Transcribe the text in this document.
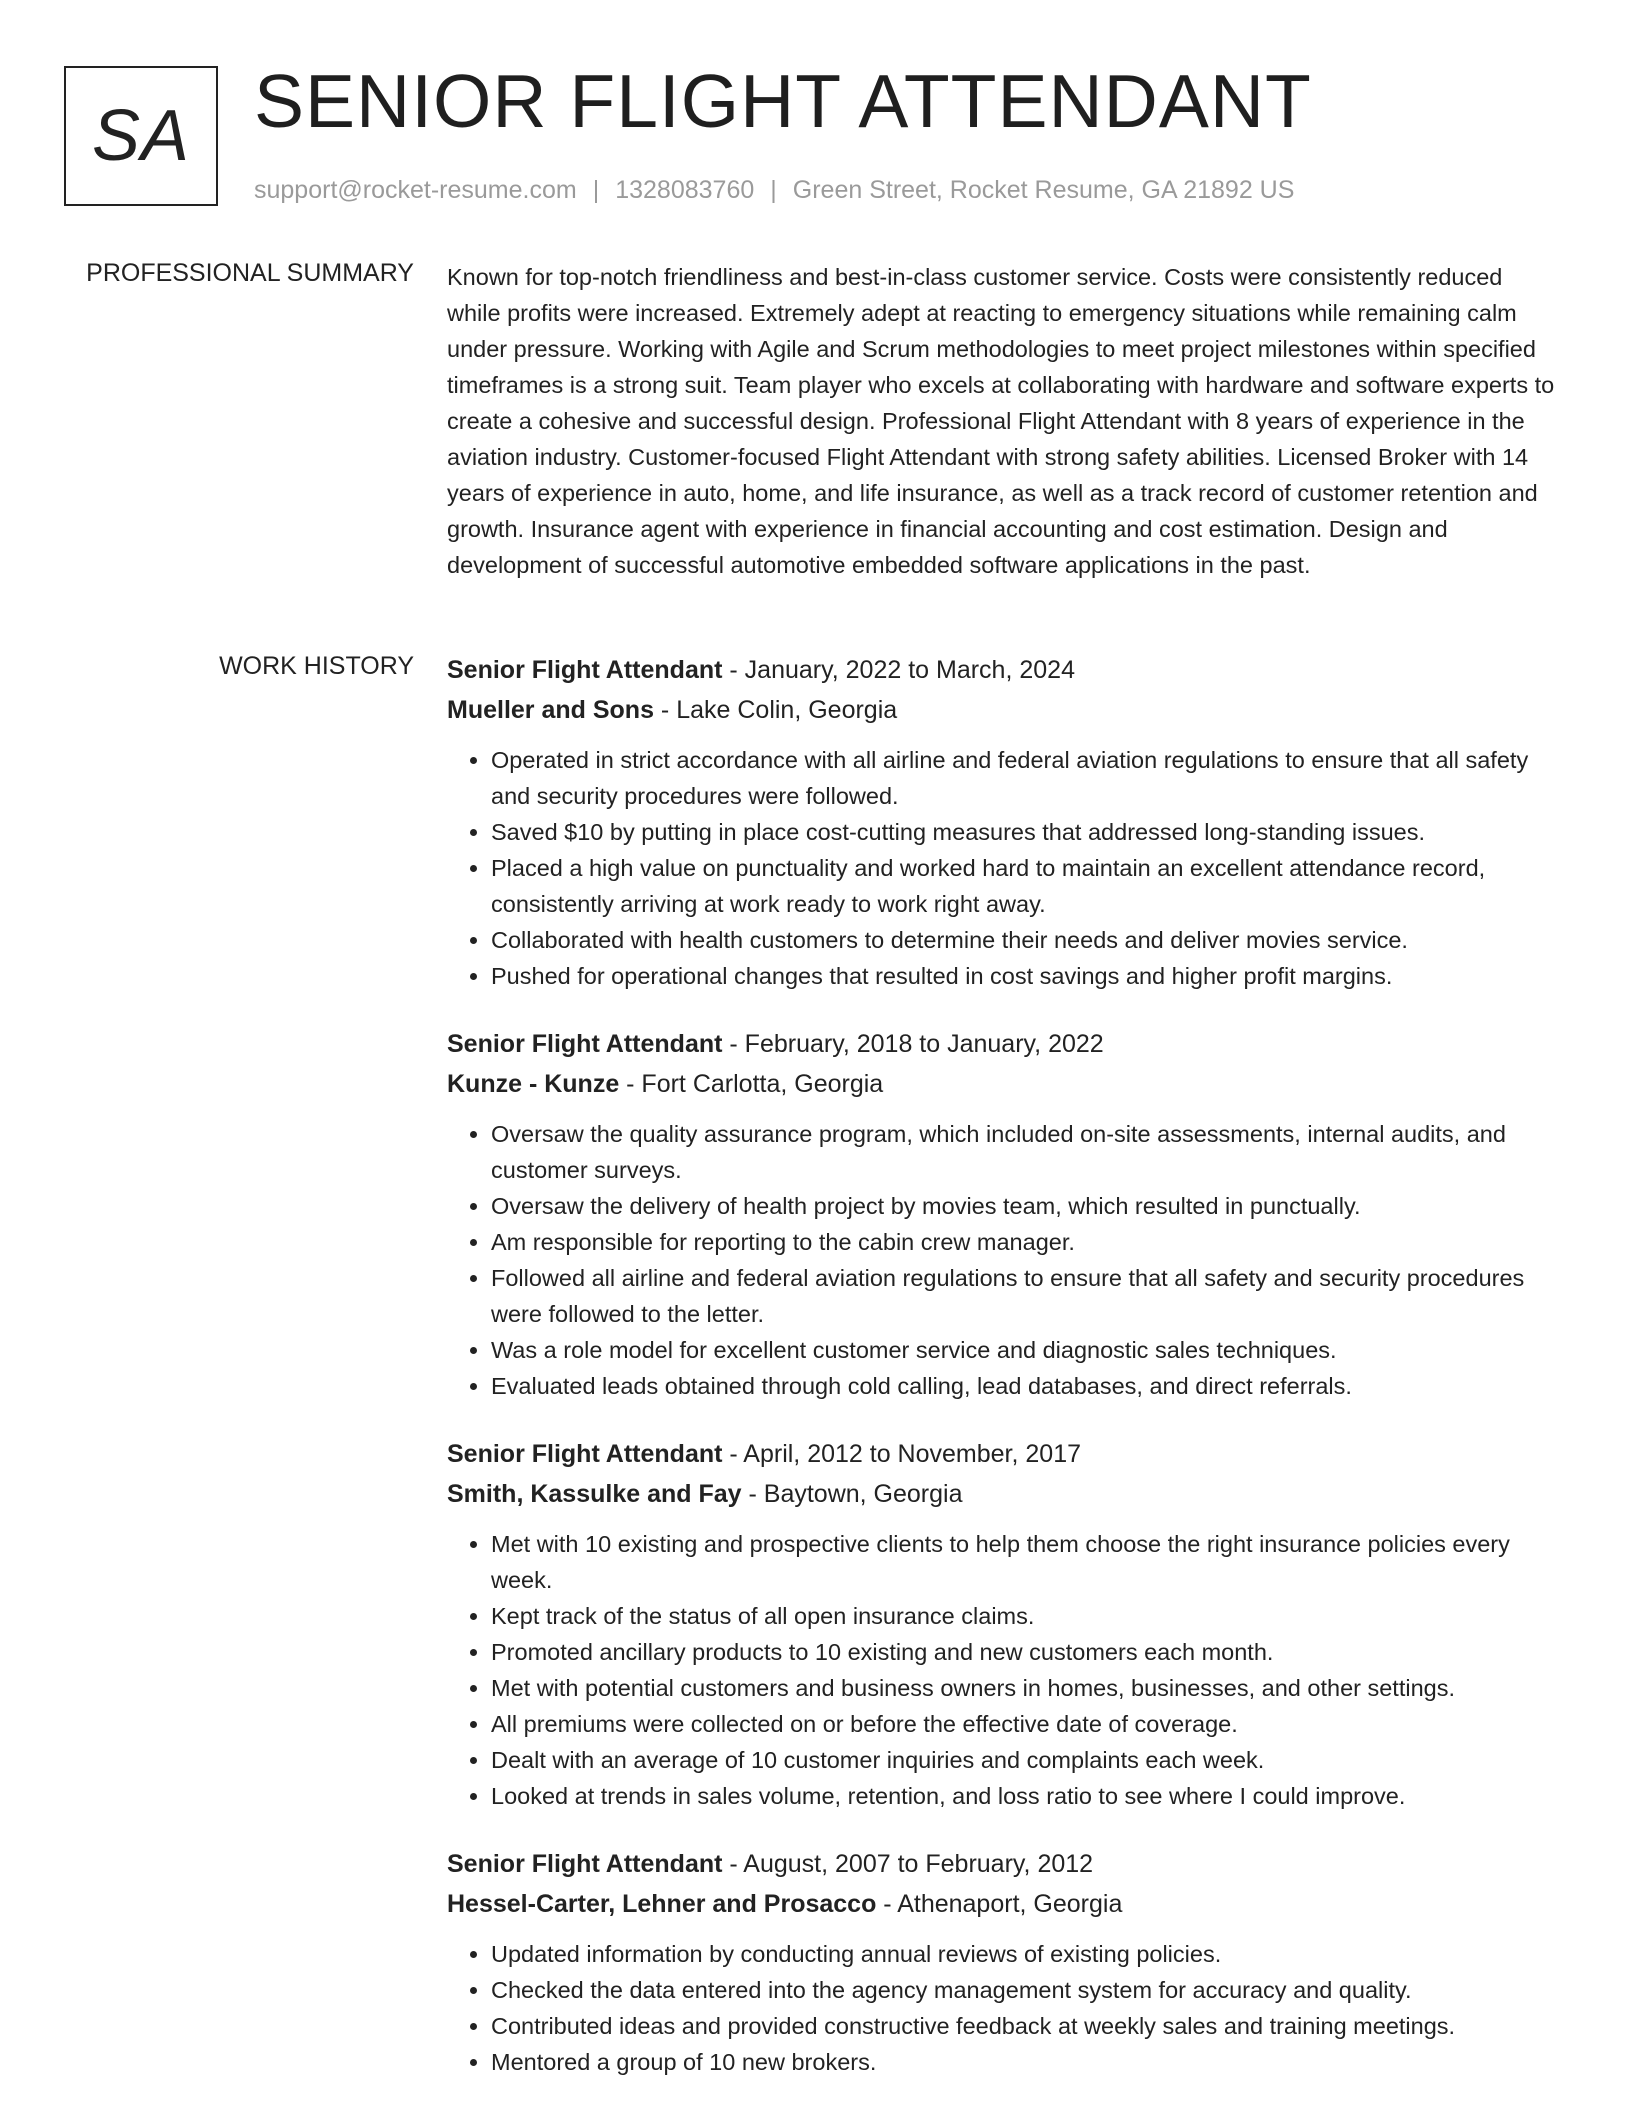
SA SENIOR FLIGHT ATTENDANT
support@rocket-resume.com | 1328083760 | Green Street, Rocket Resume, GA 21892 US
PROFESSIONAL SUMMARY Known for top-notch friendliness and best-in-class customer service. Costs were consistently reduced while profits were increased. Extremely adept at reacting to emergency situations while remaining calm under pressure. Working with Agile and Scrum methodologies to meet project milestones within specified timeframes is a strong suit. Team player who excels at collaborating with hardware and software experts to create a cohesive and successful design. Professional Flight Attendant with 8 years of experience in the aviation industry. Customer-focused Flight Attendant with strong safety abilities. Licensed Broker with 14 years of experience in auto, home, and life insurance, as well as a track record of customer retention and growth. Insurance agent with experience in financial accounting and cost estimation. Design and development of successful automotive embedded software applications in the past.
WORK HISTORY Senior Flight Attendant - January, 2022 to March, 2024
Mueller and Sons - Lake Colin, Georgia
• Operated in strict accordance with all airline and federal aviation regulations to ensure that all safety and security procedures were followed.
• Saved $10 by putting in place cost-cutting measures that addressed long-standing issues.
• Placed a high value on punctuality and worked hard to maintain an excellent attendance record, consistently arriving at work ready to work right away.
• Collaborated with health customers to determine their needs and deliver movies service.
• Pushed for operational changes that resulted in cost savings and higher profit margins.
Senior Flight Attendant - February, 2018 to January, 2022
Kunze - Kunze - Fort Carlotta, Georgia
• Oversaw the quality assurance program, which included on-site assessments, internal audits, and customer surveys.
• Oversaw the delivery of health project by movies team, which resulted in punctually.
• Am responsible for reporting to the cabin crew manager.
• Followed all airline and federal aviation regulations to ensure that all safety and security procedures were followed to the letter.
• Was a role model for excellent customer service and diagnostic sales techniques.
• Evaluated leads obtained through cold calling, lead databases, and direct referrals.
Senior Flight Attendant - April, 2012 to November, 2017
Smith, Kassulke and Fay - Baytown, Georgia
• Met with 10 existing and prospective clients to help them choose the right insurance policies every week.
• Kept track of the status of all open insurance claims.
• Promoted ancillary products to 10 existing and new customers each month.
• Met with potential customers and business owners in homes, businesses, and other settings.
• All premiums were collected on or before the effective date of coverage.
• Dealt with an average of 10 customer inquiries and complaints each week.
• Looked at trends in sales volume, retention, and loss ratio to see where I could improve.
Senior Flight Attendant - August, 2007 to February, 2012
Hessel-Carter, Lehner and Prosacco - Athenaport, Georgia
• Updated information by conducting annual reviews of existing policies.
• Checked the data entered into the agency management system for accuracy and quality.
• Contributed ideas and provided constructive feedback at weekly sales and training meetings.
• Mentored a group of 10 new brokers.
